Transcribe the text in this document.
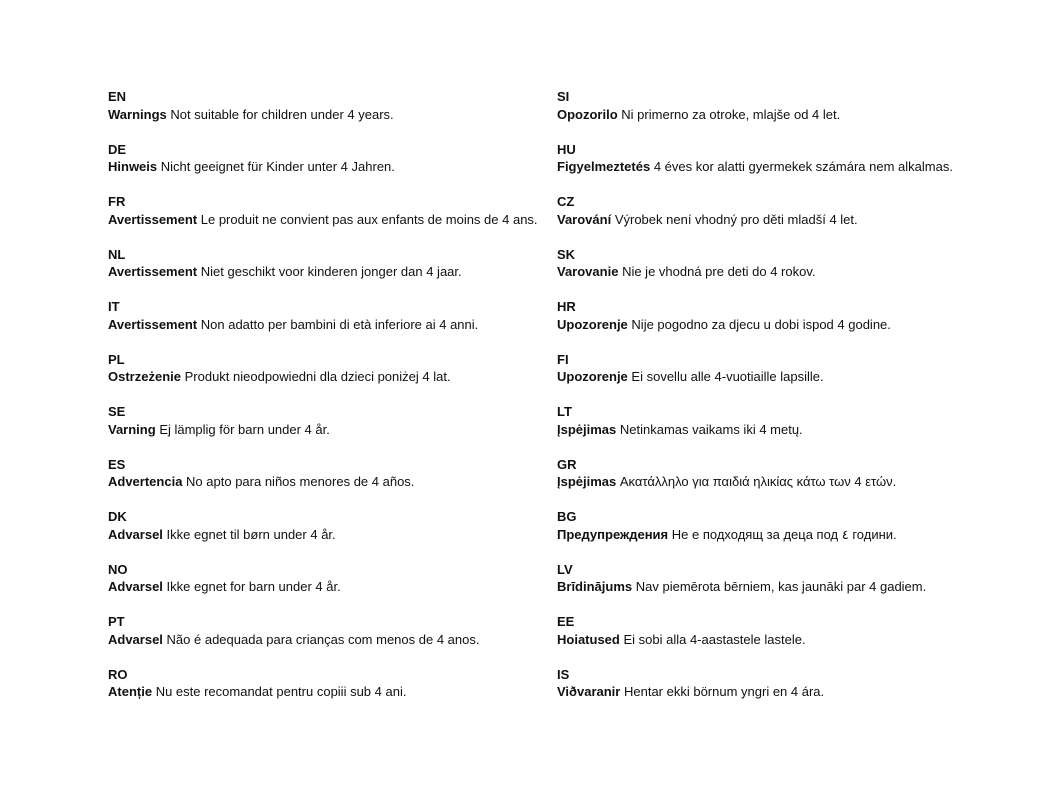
EN
Warnings Not suitable for children under 4 years.
DE
Hinweis Nicht geeignet für Kinder unter 4 Jahren.
FR
Avertissement Le produit ne convient pas aux enfants de moins de 4 ans.
NL
Avertissement Niet geschikt voor kinderen jonger dan 4 jaar.
IT
Avertissement Non adatto per bambini di età inferiore ai 4 anni.
PL
Ostrzeżenie Produkt nieodpowiedni dla dzieci poniżej 4 lat.
SE
Varning Ej lämplig för barn under 4 år.
ES
Advertencia No apto para niños menores de 4 años.
DK
Advarsel Ikke egnet til børn under 4 år.
NO
Advarsel Ikke egnet for barn under 4 år.
PT
Advarsel Não é adequada para crianças com menos de 4 anos.
RO
Atenție Nu este recomandat pentru copiii sub 4 ani.
SI
Opozorilo Ni primerno za otroke, mlajše od 4 let.
HU
Figyelmeztetés 4 éves kor alatti gyermekek számára nem alkalmas.
CZ
Varování Výrobek není vhodný pro děti mladší 4 let.
SK
Varovanie Nie je vhodná pre deti do 4 rokov.
HR
Upozorenje Nije pogodno za djecu u dobi ispod 4 godine.
FI
Upozorenje Ei sovellu alle 4-vuotiaille lapsille.
LT
Įspėjimas Netinkamas vaikams iki 4 metų.
GR
Įspėjimas Ακατάλληλο για παιδιά ηλικίας κάτω των 4 ετών.
BG
Предупреждения Не е подходящ за деца под ٤ години.
LV
Brīdinājums Nav piemērota bērniem, kas jaunāki par 4 gadiem.
EE
Hoiatused Ei sobi alla 4-aastastele lastele.
IS
Viðvaranir Hentar ekki börnum yngri en 4 ára.
